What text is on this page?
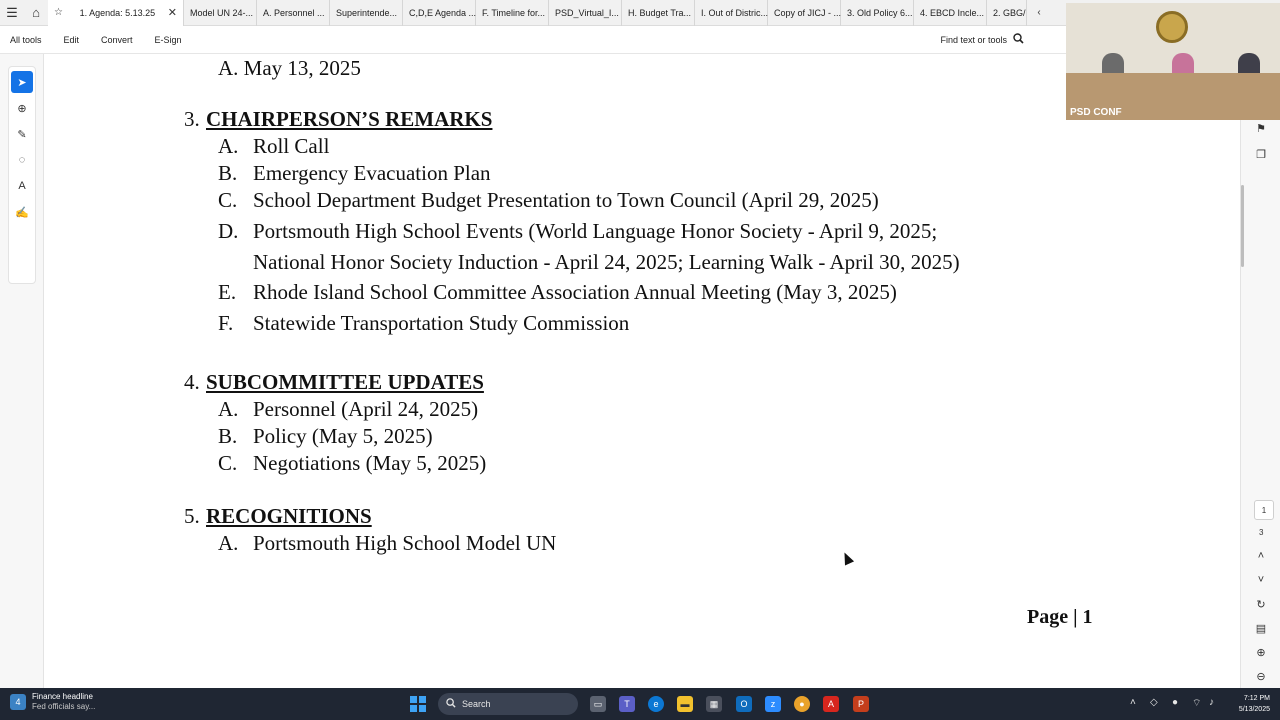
☰	⌂	☆ 1. Agenda: 5.13.25 ✕ Model UN 24-... A. Personnel ... Superintende... C,D,E Agenda ... F. Timeline for... PSD_Virtual_I... H. Budget Tra... I. Out of Distric... Copy of JICJ - ... 3. Old Policy 6... 4. EBCD Incle... 2. GBG/	‹
All tools Edit Convert E-Sign	Find text or tools
➤
⊕
✎
◌
A
✍
A. May 13, 2025
3. CHAIRPERSON’S REMARKS
A. Roll Call
B. Emergency Evacuation Plan
C. School Department Budget Presentation to Town Council (April 29, 2025)
D. Portsmouth High School Events (World Language Honor Society - April 9, 2025;
National Honor Society Induction - April 24, 2025; Learning Walk - April 30, 2025)
E. Rhode Island School Committee Association Annual Meeting (May 3, 2025)
F. Statewide Transportation Study Commission
4. SUBCOMMITTEE UPDATES
A. Personnel (April 24, 2025)
B. Policy (May 5, 2025)
C. Negotiations (May 5, 2025)
5. RECOGNITIONS
A. Portsmouth High School Model UN
Page | 1
⚑
❐
˄
˅
↻
▤
⊕
⊖
1
3
PSD CONF
4
Finance headline
Fed officials say...	Search	▭	T	e	▬	▦	O	z	●	A	P	˄ ◇ ● ⌔ ♪	7:12 PM
5/13/2025
